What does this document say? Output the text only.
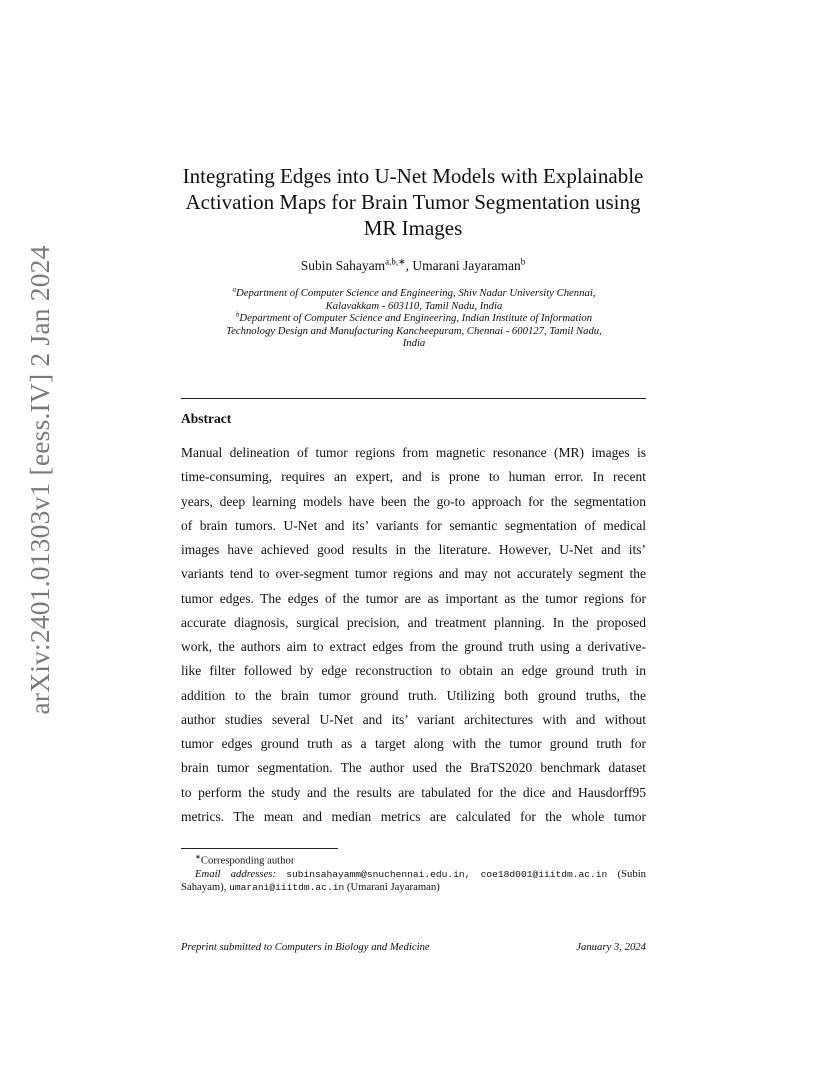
arXiv:2401.01303v1 [eess.IV] 2 Jan 2024
Integrating Edges into U-Net Models with Explainable
Activation Maps for Brain Tumor Segmentation using
MR Images
Subin Sahayam$^{a,b,∗}$, Umarani Jayaraman$^b$
$^a$Department of Computer Science and Engineering, Shiv Nadar University Chennai,
Kalavakkam - 603110, Tamil Nadu, India
$^b$Department of Computer Science and Engineering, Indian Institute of Information
Technology Design and Manufacturing Kancheepuram, Chennai - 600127, Tamil Nadu,
India
Abstract
Manual delineation of tumor regions from magnetic resonance (MR) images is
time-consuming, requires an expert, and is prone to human error. In recent
years, deep learning models have been the go-to approach for the segmentation
of brain tumors. U-Net and its’ variants for semantic segmentation of medical
images have achieved good results in the literature. However, U-Net and its’
variants tend to over-segment tumor regions and may not accurately segment the
tumor edges. The edges of the tumor are as important as the tumor regions for
accurate diagnosis, surgical precision, and treatment planning. In the proposed
work, the authors aim to extract edges from the ground truth using a derivative-
like filter followed by edge reconstruction to obtain an edge ground truth in
addition to the brain tumor ground truth. Utilizing both ground truths, the
author studies several U-Net and its’ variant architectures with and without
tumor edges ground truth as a target along with the tumor ground truth for
brain tumor segmentation. The author used the BraTS2020 benchmark dataset
to perform the study and the results are tabulated for the dice and Hausdorff95
metrics. The mean and median metrics are calculated for the whole tumor
∗Corresponding author
Email addresses: subinsahayamm@snuchennai.edu.in, coe18d001@iiitdm.ac.in (Subin
Sahayam), umarani@iiitdm.ac.in (Umarani Jayaraman)
Preprint submitted to Computers in Biology and Medicine	January 3, 2024
